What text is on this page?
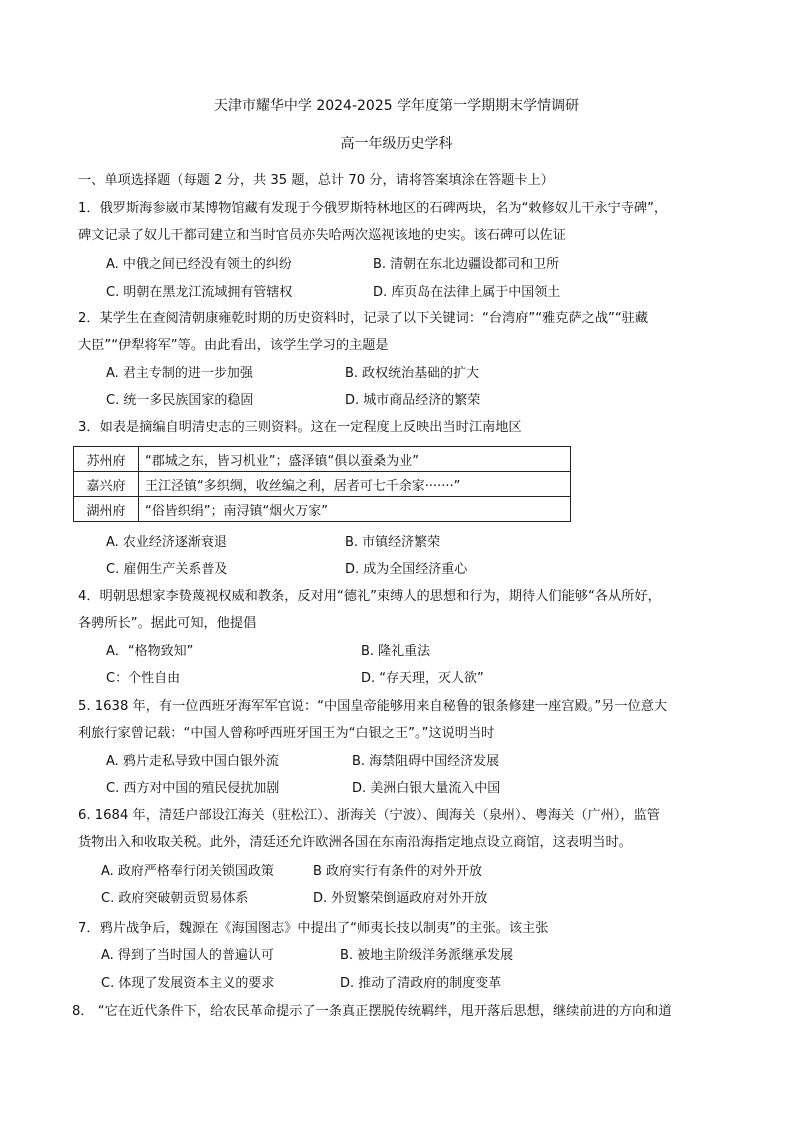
天津市耀华中学 2024-2025 学年度第一学期期末学情调研
高一年级历史学科
一、单项选择题（每题 2 分，共 35 题，总计 70 分，请将答案填涂在答题卡上）
1．俄罗斯海参崴市某博物馆藏有发现于今俄罗斯特林地区的石碑两块，名为“敕修奴儿干永宁寺碑”，
碑文记录了奴儿干都司建立和当时官员亦失哈两次巡视该地的史实。该石碑可以佐证
A. 中俄之间已经没有领土的纠纷	B. 清朝在东北边疆设都司和卫所
C. 明朝在黑龙江流域拥有管辖权	D. 库页岛在法律上属于中国领土
2．某学生在查阅清朝康雍乾时期的历史资料时，记录了以下关键词：“台湾府”“雅克萨之战”“驻藏
大臣”“伊犁将军”等。由此看出，该学生学习的主题是
A. 君主专制的进一步加强	B. 政权统治基础的扩大
C. 统一多民族国家的稳固	D. 城市商品经济的繁荣
3．如表是摘编自明清史志的三则资料。这在一定程度上反映出当时江南地区
苏州府	“郡城之东，皆习机业”；盛泽镇“俱以蚕桑为业”
嘉兴府	王江泾镇“多织绸，收丝编之利，居者可七千余家·······”
湖州府	“俗皆织绢”；南浔镇“烟火万家”
A. 农业经济逐渐衰退	B. 市镇经济繁荣
C. 雇佣生产关系普及	D. 成为全国经济重心
4．明朝思想家李贽蔑视权威和教条，反对用“德礼”束缚人的思想和行为，期待人们能够“各从所好，
各骋所长”。据此可知，他提倡
A．“格物致知”	B. 隆礼重法
C：个性自由	D. “存天理，灭人欲”
5. 1638 年，有一位西班牙海军军官说：“中国皇帝能够用来自秘鲁的银条修建一座宫殿。”另一位意大
利旅行家曾记载：“中国人曾称呼西班牙国王为“白银之王”。”这说明当时
A. 鸦片走私导致中国白银外流	B. 海禁阻碍中国经济发展
C. 西方对中国的殖民侵扰加剧	D. 美洲白银大量流入中国
6. 1684 年，清廷户部设江海关（驻松江）、浙海关（宁波）、闽海关（泉州）、粤海关（广州），监管
货物出入和收取关税。此外，清廷还允许欧洲各国在东南沿海指定地点设立商馆，这表明当时。
A. 政府严格奉行闭关锁国政策	B 政府实行有条件的对外开放
C. 政府突破朝贡贸易体系	D. 外贸繁荣倒逼政府对外开放
7．鸦片战争后，魏源在《海国图志》中提出了“师夷长技以制夷”的主张。该主张
A. 得到了当时国人的普遍认可	B. 被地主阶级洋务派继承发展
C. 体现了发展资本主义的要求	D. 推动了清政府的制度变革
8． “它在近代条件下，给农民革命提示了一条真正摆脱传统羁绊，甩开落后思想，继续前进的方向和道
